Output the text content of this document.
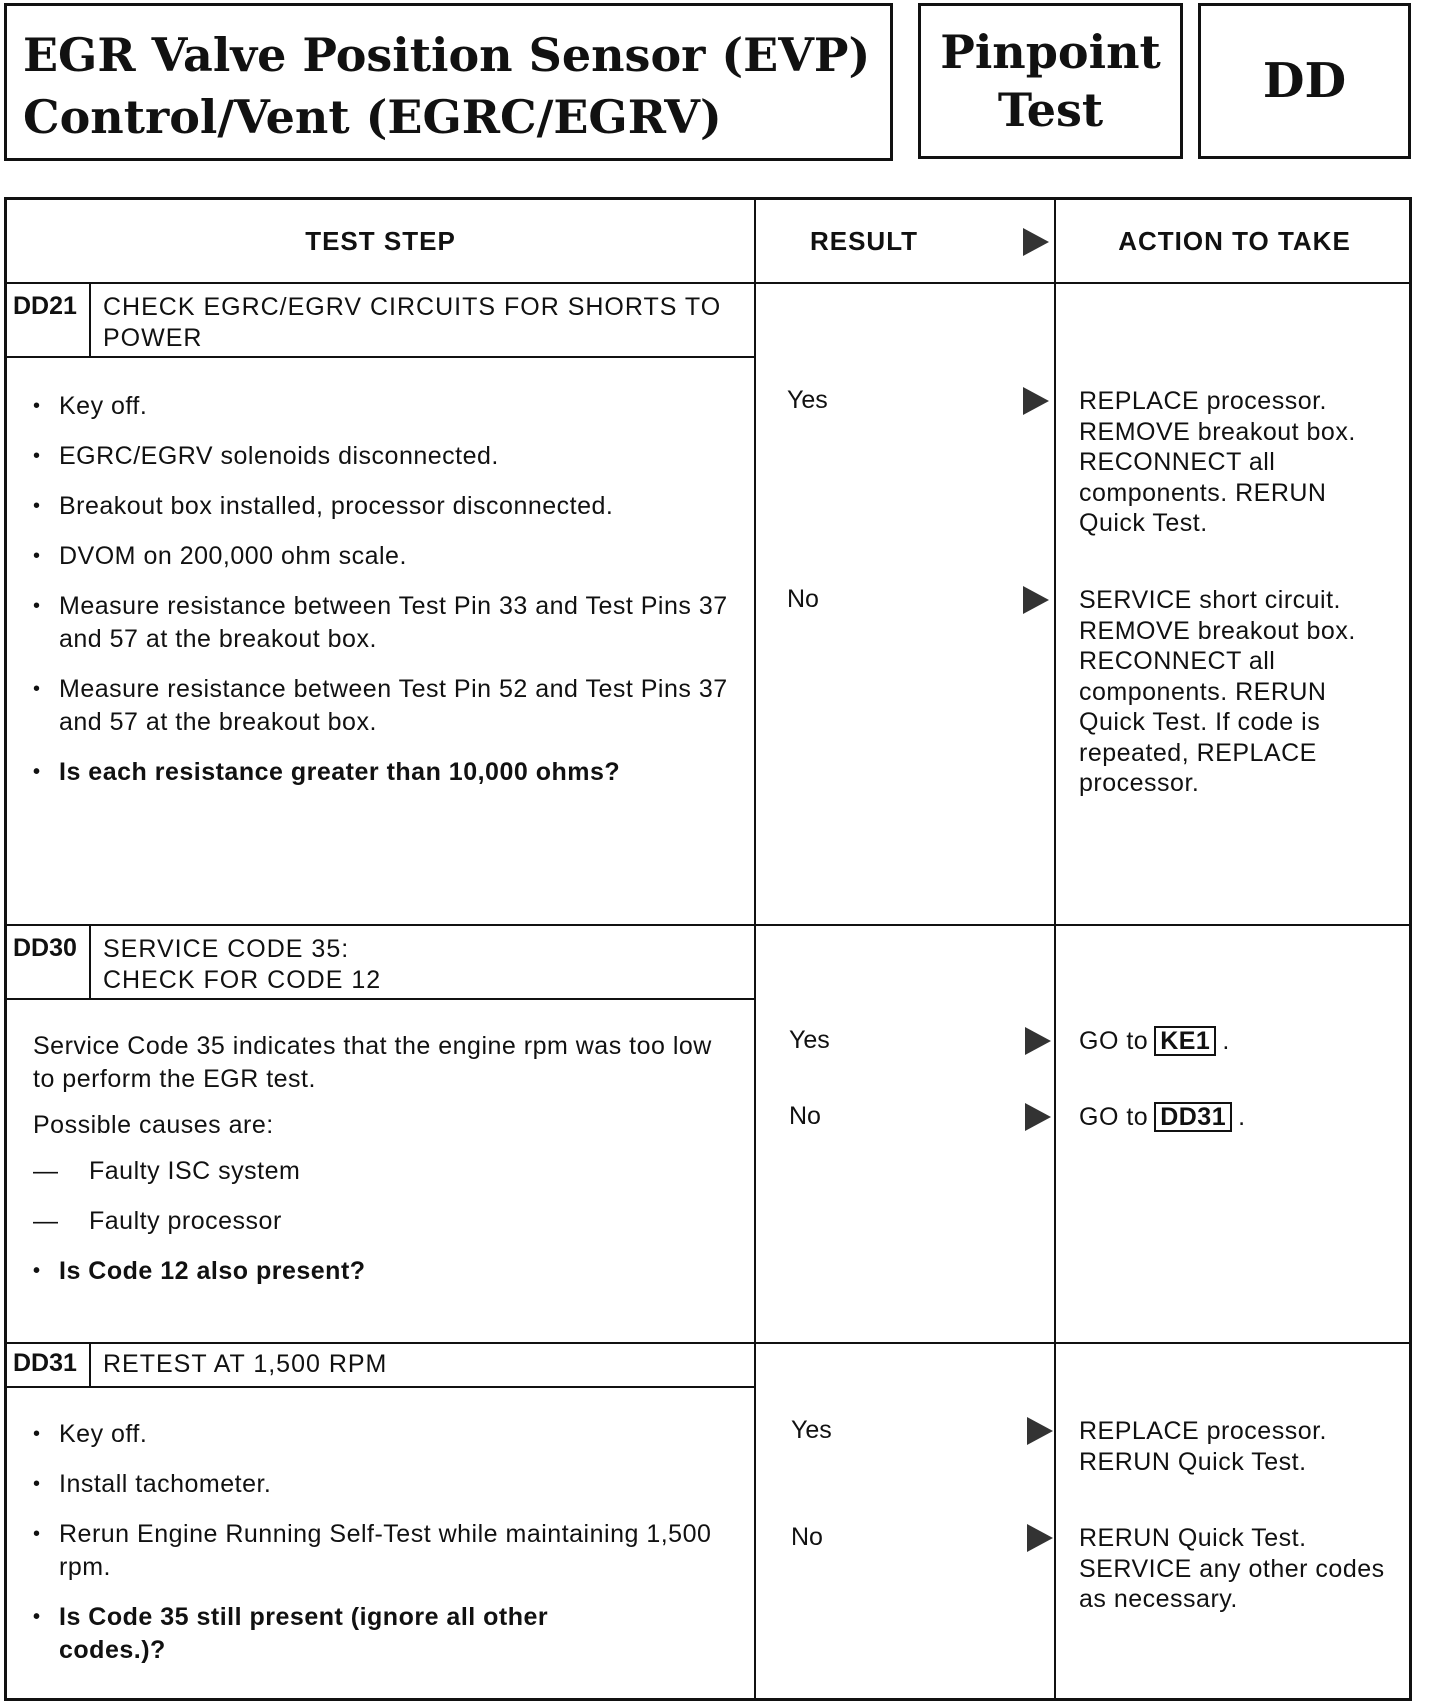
EGR Valve Position Sensor (EVP)
Control/Vent (EGRC/EGRV)
Pinpoint
Test
DD
TEST STEP	RESULT	ACTION TO TAKE
DD21	CHECK EGRC/EGRV CIRCUITS FOR SHORTS TO POWER
• Key off.
• EGRC/EGRV solenoids disconnected.
• Breakout box installed, processor disconnected.
• DVOM on 200,000 ohm scale.
• Measure resistance between Test Pin 33 and Test Pins 37 and 57 at the breakout box.
• Measure resistance between Test Pin 52 and Test Pins 37 and 57 at the breakout box.
• Is each resistance greater than 10,000 ohms?
Yes	REPLACE processor. REMOVE breakout box. RECONNECT all components. RERUN Quick Test.
No	SERVICE short circuit. REMOVE breakout box. RECONNECT all components. RERUN Quick Test. If code is repeated, REPLACE processor.
DD30	SERVICE CODE 35:
CHECK FOR CODE 12
Service Code 35 indicates that the engine rpm was too low to perform the EGR test.
Possible causes are:
— Faulty ISC system
— Faulty processor
• Is Code 12 also present?
Yes	GO to KE1 .
No	GO to DD31 .
DD31	RETEST AT 1,500 RPM
• Key off.
• Install tachometer.
• Rerun Engine Running Self-Test while maintaining 1,500 rpm.
• Is Code 35 still present (ignore all other codes.)?
Yes	REPLACE processor. RERUN Quick Test.
No	RERUN Quick Test. SERVICE any other codes as necessary.
